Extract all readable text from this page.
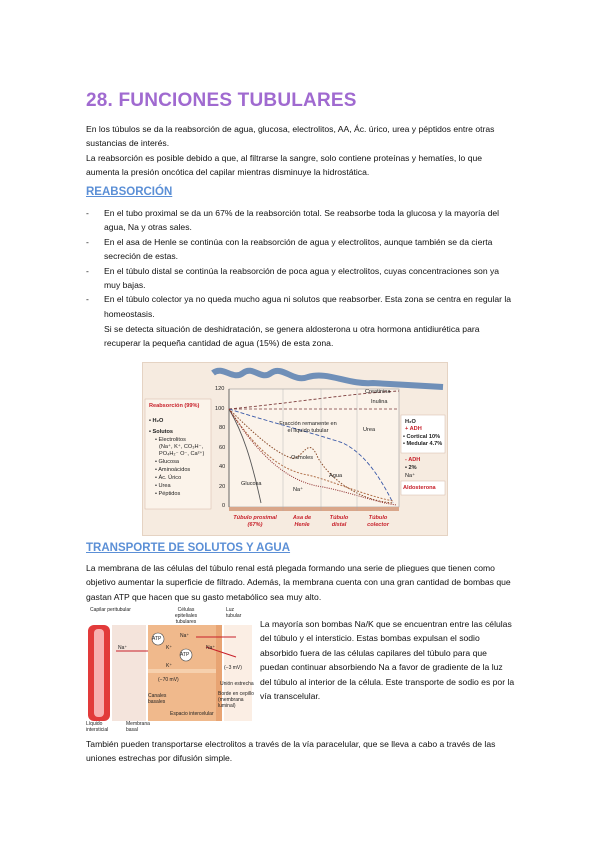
28. FUNCIONES TUBULARES

En los túbulos se da la reabsorción de agua, glucosa, electrolitos, AA, Ác. úrico, urea y péptidos entre otras sustancias de interés.

La reabsorción es posible debido a que, al filtrarse la sangre, solo contiene proteínas y hematíes, lo que aumenta la presión oncótica del capilar mientras disminuye la hidrostática.

REABSORCIÓN
- En el tubo proximal se da un 67% de la reabsorción total. Se reabsorbe toda la glucosa y la mayoría del agua, Na y otras sales.
- En el asa de Henle se continúa con la reabsorción de agua y electrolitos, aunque también se da cierta secreción de estas.
- En el túbulo distal se continúa la reabsorción de poca agua y electrolitos, cuyas concentraciones son ya muy bajas.
- En el túbulo colector ya no queda mucho agua ni solutos que reabsorber. Esta zona se centra en regular la homeostasis.
Si se detecta situación de deshidratación, se genera aldosterona u otra hormona antidiurética para recuperar la pequeña cantidad de agua (15%) de esta zona.
Reabsorción (99%)
• H₂O
• Solutos
• Electrolitos
(Na⁺, K⁺, CO₃H⁻,
PO₄H₂⁻ O⁻, Ca²⁺)
• Glucosa
• Aminoácidos
• Ác. Úrico
• Urea
• Péptidos
120
100
80
60
40
20
0
Creatinina
Inulina
Fracción remanente en el líquido tubular	Urea
Osmoles
Agua
Glucosa
Na⁺
Na⁺
H₂O
+ ADH
• Cortical 10%
• Medular 4.7%
- ADH
• 2%
Aldosterona
Túbulo proximal (67%)
Asa de Henle
Túbulo distal
Túbulo colector
TRANSPORTE DE SOLUTOS Y AGUA

La membrana de las células del túbulo renal está plegada formando una serie de pliegues que tienen como objetivo aumentar la superficie de filtrado. Además, la membrana cuenta con una gran cantidad de bombas que gastan ATP que hacen que su gasto metabólico sea muy alto.

Capilar peritubular	Células epiteliales tubulares
Luz tubular
Na⁺
Na⁺	Na⁺
ATP
ATP
K⁺
K⁺
(−70 mV)
(−3 mV)
Unión estrecha
Borde en cepillo (membrana luminal)
Canales basales
Espacio intercelular
Líquido intersticial
Membrana basal

La mayoría son bombas Na/K que se encuentran entre las células del túbulo y el intersticio. Estas bombas expulsan el sodio absorbido fuera de las células capilares del túbulo para que puedan continuar absorbiendo Na a favor de gradiente de la luz del túbulo al interior de la célula. Este transporte de sodio es por la vía transcelular.

También pueden transportarse electrolitos a través de la vía paracelular, que se lleva a cabo a través de las uniones estrechas por difusión simple.
